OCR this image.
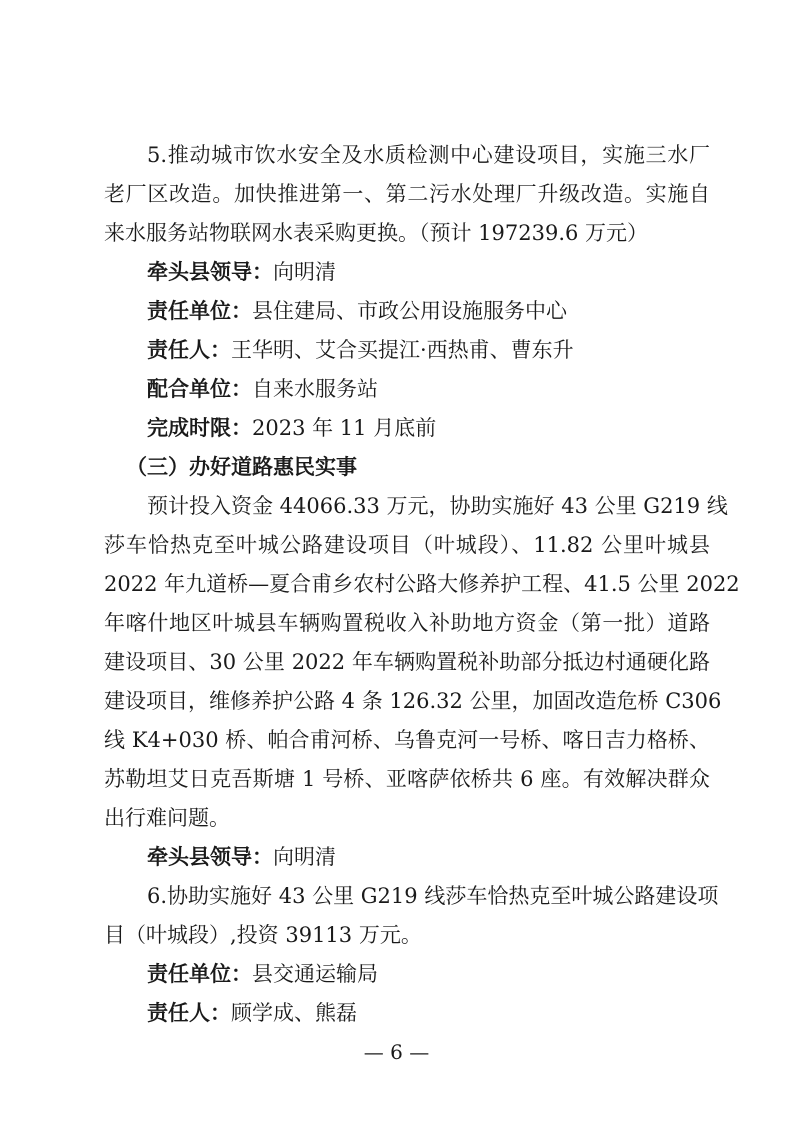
5.推动城市饮水安全及水质检测中心建设项目，实施三水厂
老厂区改造。加快推进第一、第二污水处理厂升级改造。实施自
来水服务站物联网水表采购更换。（预计 197239.6 万元）
牵头县领导：向明清
责任单位：县住建局、市政公用设施服务中心
责任人：王华明、艾合买提江·西热甫、曹东升
配合单位：自来水服务站
完成时限：2023 年 11 月底前
（三）办好道路惠民实事
预计投入资金 44066.33 万元，协助实施好 43 公里 G219 线
莎车恰热克至叶城公路建设项目（叶城段）、11.82 公里叶城县
2022 年九道桥—夏合甫乡农村公路大修养护工程、41.5 公里 2022
年喀什地区叶城县车辆购置税收入补助地方资金（第一批）道路
建设项目、30 公里 2022 年车辆购置税补助部分抵边村通硬化路
建设项目，维修养护公路 4 条 126.32 公里，加固改造危桥 C306
线 K4+030 桥、帕合甫河桥、乌鲁克河一号桥、喀日吉力格桥、
苏勒坦艾日克吾斯塘 1 号桥、亚喀萨依桥共 6 座。有效解决群众
出行难问题。
牵头县领导：向明清
6.协助实施好 43 公里 G219 线莎车恰热克至叶城公路建设项
目（叶城段）,投资 39113 万元。
责任单位：县交通运输局
责任人：顾学成、熊磊
— 6 —
